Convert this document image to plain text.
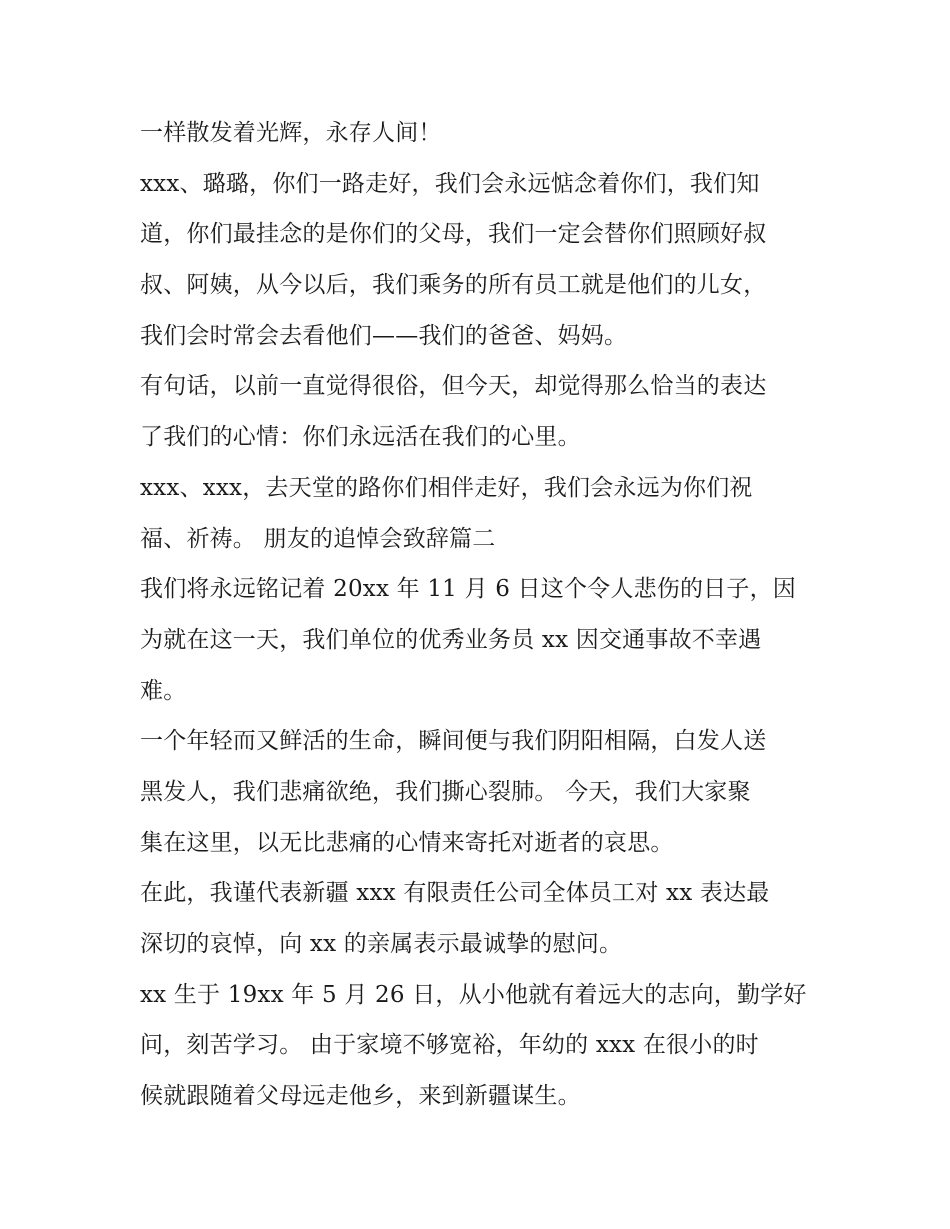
一样散发着光辉，永存人间！
xxx、璐璐，你们一路走好，我们会永远惦念着你们，我们知
道，你们最挂念的是你们的父母，我们一定会替你们照顾好叔
叔、阿姨，从今以后，我们乘务的所有员工就是他们的儿女，
我们会时常会去看他们——我们的爸爸、妈妈。
有句话，以前一直觉得很俗，但今天，却觉得那么恰当的表达
了我们的心情：你们永远活在我们的心里。
xxx、xxx，去天堂的路你们相伴走好，我们会永远为你们祝
福、祈祷。 朋友的追悼会致辞篇二
我们将永远铭记着 20xx 年 11 月 6 日这个令人悲伤的日子，因
为就在这一天，我们单位的优秀业务员 xx 因交通事故不幸遇
难。
一个年轻而又鲜活的生命，瞬间便与我们阴阳相隔，白发人送
黑发人，我们悲痛欲绝，我们撕心裂肺。 今天，我们大家聚
集在这里，以无比悲痛的心情来寄托对逝者的哀思。
在此，我谨代表新疆 xxx 有限责任公司全体员工对 xx 表达最
深切的哀悼，向 xx 的亲属表示最诚挚的慰问。
xx 生于 19xx 年 5 月 26 日，从小他就有着远大的志向，勤学好
问，刻苦学习。 由于家境不够宽裕，年幼的 xxx 在很小的时
候就跟随着父母远走他乡，来到新疆谋生。
